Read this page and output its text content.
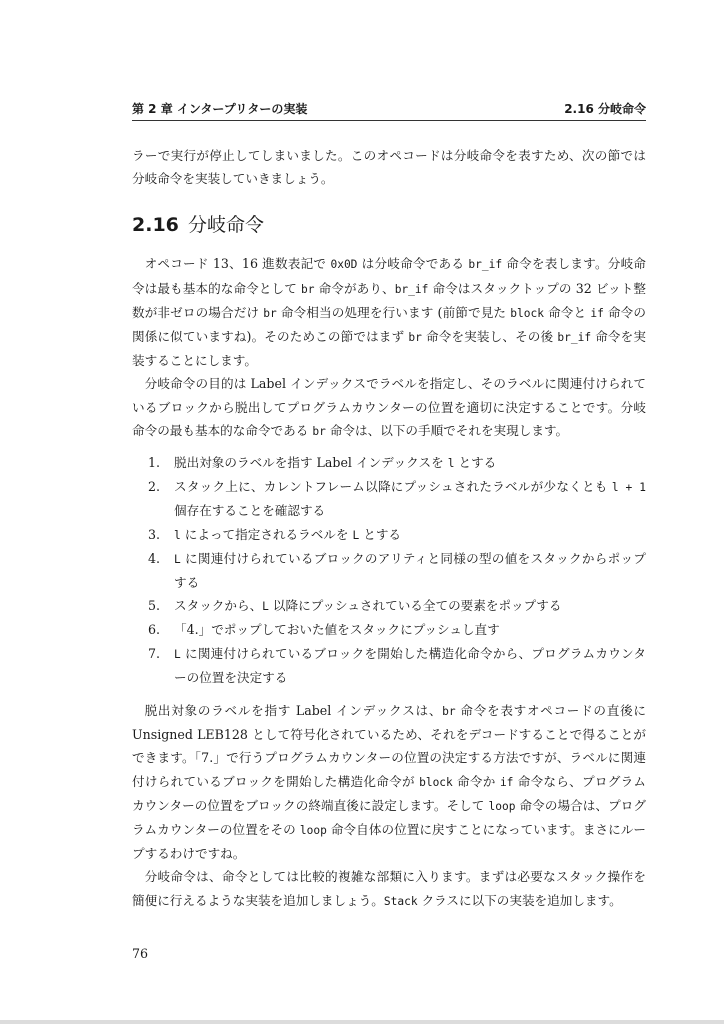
第 2 章 インタープリターの実装	2.16 分岐命令

ラーで実行が停止してしまいました。このオペコードは分岐命令を表すため、次の節では分岐命令を実装していきましょう。

2.16 分岐命令

オペコード 13、16 進数表記で 0x0D は分岐命令である br_if 命令を表します。分岐命令は最も基本的な命令として br 命令があり、br_if 命令はスタックトップの 32 ビット整数が非ゼロの場合だけ br 命令相当の処理を行います (前節で見た block 命令と if 命令の関係に似ていますね)。そのためこの節ではまず br 命令を実装し、その後 br_if 命令を実装することにします。

分岐命令の目的は Label インデックスでラベルを指定し、そのラベルに関連付けられているブロックから脱出してプログラムカウンターの位置を適切に決定することです。分岐命令の最も基本的な命令である br 命令は、以下の手順でそれを実現します。

1. 脱出対象のラベルを指す Label インデックスを l とする
2. スタック上に、カレントフレーム以降にプッシュされたラベルが少なくとも l + 1 個存在することを確認する
3. l によって指定されるラベルを L とする
4. L に関連付けられているブロックのアリティと同様の型の値をスタックからポップする
5. スタックから、L 以降にプッシュされている全ての要素をポップする
6. 「4.」でポップしておいた値をスタックにプッシュし直す
7. L に関連付けられているブロックを開始した構造化命令から、プログラムカウンターの位置を決定する

脱出対象のラベルを指す Label インデックスは、br 命令を表すオペコードの直後に Unsigned LEB128 として符号化されているため、それをデコードすることで得ることができます。「7.」で行うプログラムカウンターの位置の決定する方法ですが、ラベルに関連付けられているブロックを開始した構造化命令が block 命令か if 命令なら、プログラムカウンターの位置をブロックの終端直後に設定します。そして loop 命令の場合は、プログラムカウンターの位置をその loop 命令自体の位置に戻すことになっています。まさにループするわけですね。

分岐命令は、命令としては比較的複雑な部類に入ります。まずは必要なスタック操作を簡便に行えるような実装を追加しましょう。Stack クラスに以下の実装を追加します。

76
